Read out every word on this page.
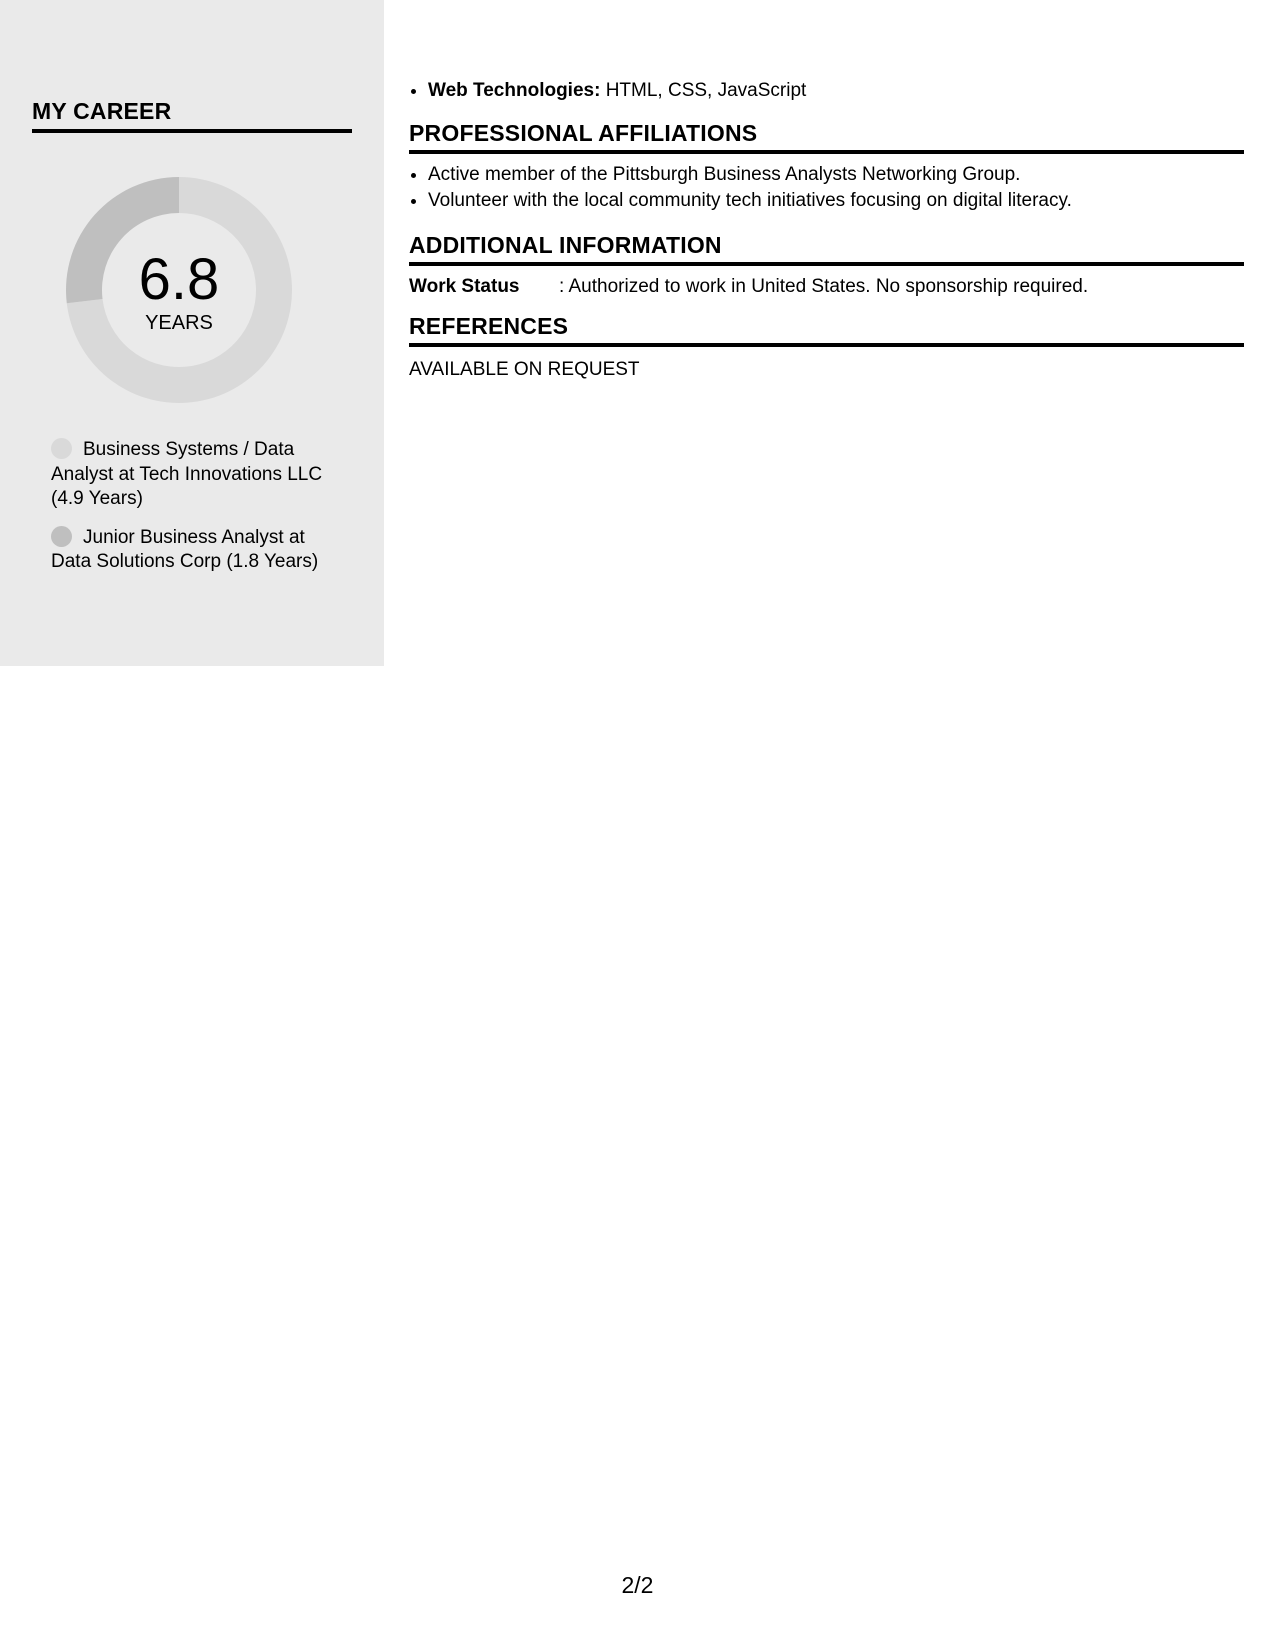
MY CAREER
6.8
YEARS
Business Systems / Data Analyst at Tech Innovations LLC (4.9 Years)
Junior Business Analyst at Data Solutions Corp (1.8 Years)
• Web Technologies: HTML, CSS, JavaScript
PROFESSIONAL AFFILIATIONS
• Active member of the Pittsburgh Business Analysts Networking Group.
• Volunteer with the local community tech initiatives focusing on digital literacy.
ADDITIONAL INFORMATION
Work Status	: Authorized to work in United States. No sponsorship required.
REFERENCES
AVAILABLE ON REQUEST
2/2
